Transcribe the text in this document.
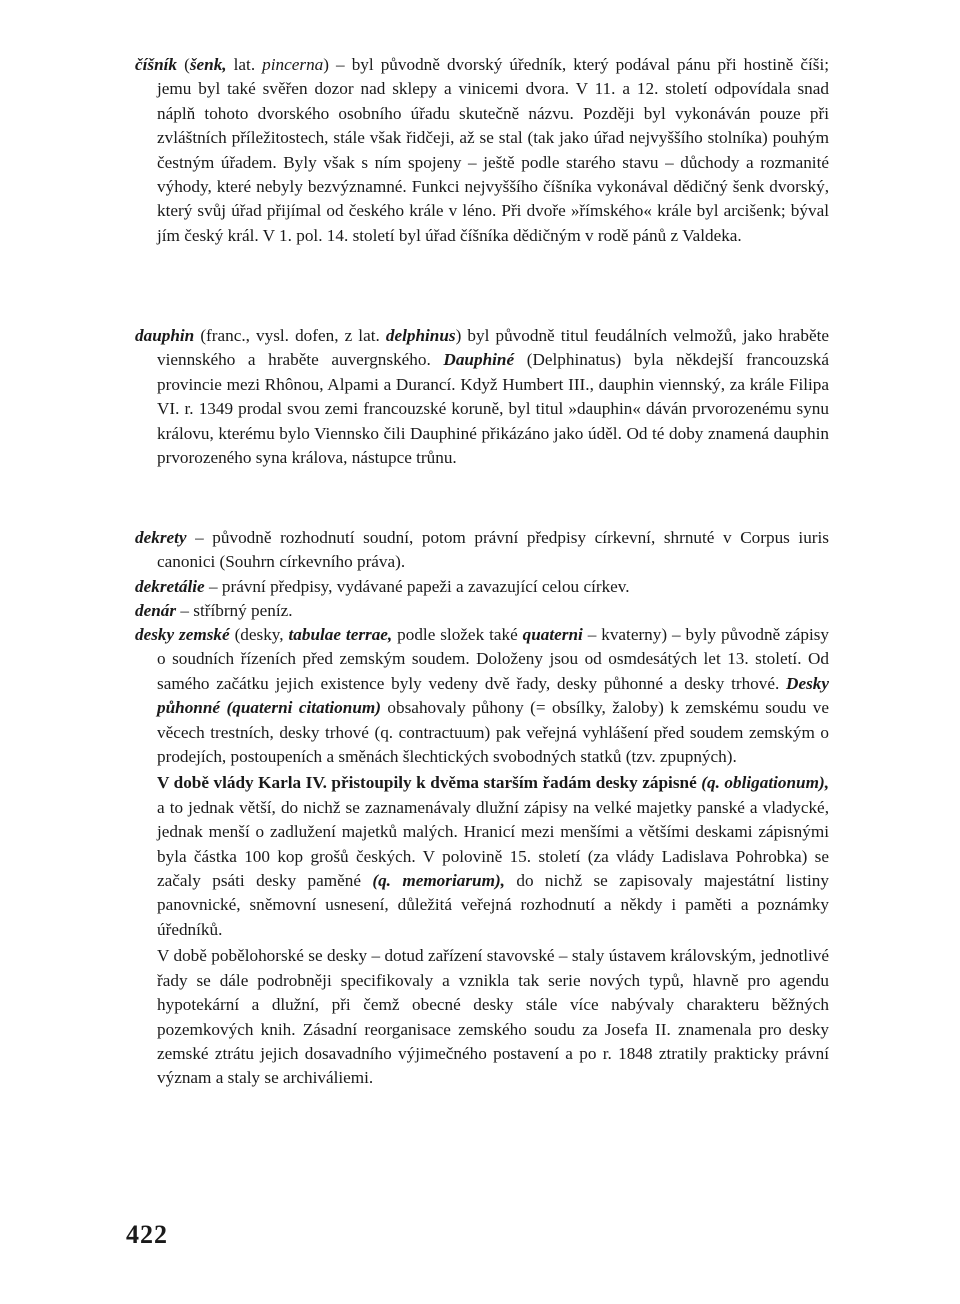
číšník (šenk, lat. pincerna) – byl původně dvorský úředník, který podával pánu při hostině číši; jemu byl také svěřen dozor nad sklepy a vinicemi dvora. V 11. a 12. století odpovídala snad náplň tohoto dvorského osobního úřadu skutečně názvu. Později byl vykonáván pouze při zvláštních příležitostech, stále však řidčeji, až se stal (tak jako úřad nejvyššího stolníka) pouhým čestným úřadem. Byly však s ním spojeny – ještě podle starého stavu – důchody a rozmanité výhody, které nebyly bezvýznamné. Funkci nejvyššího číšníka vykonával dědičný šenk dvorský, který svůj úřad přijímal od českého krále v léno. Při dvoře »římského« krále byl arcišenk; býval jím český král. V 1. pol. 14. století byl úřad číšníka dědičným v rodě pánů z Valdeka.

dauphin (franc., vysl. dofen, z lat. delphinus) byl původně titul feudálních velmožů, jako hraběte viennského a hraběte auvergnského. Dauphiné (Delphinatus) byla někdejší francouzská provincie mezi Rhônou, Alpami a Durancí. Když Humbert III., dauphin viennský, za krále Filipa VI. r. 1349 prodal svou zemi francouzské koruně, byl titul »dauphin« dáván prvorozenému synu královu, kterému bylo Viennsko čili Dauphiné přikázáno jako úděl. Od té doby znamená dauphin prvorozeného syna králova, nástupce trůnu.

dekrety – původně rozhodnutí soudní, potom právní předpisy církevní, shrnuté v Corpus iuris canonici (Souhrn církevního práva).

dekretálie – právní předpisy, vydávané papeži a zavazující celou církev.

denár – stříbrný peníz.

desky zemské (desky, tabulae terrae, podle složek také quaterni – kvaterny) – byly původně zápisy o soudních řízeních před zemským soudem. Doloženy jsou od osmdesátých let 13. století. Od samého začátku jejich existence byly vedeny dvě řady, desky půhonné a desky trhové. Desky půhonné (quaterni citationum) obsahovaly půhony (= obsílky, žaloby) k zemskému soudu ve věcech trestních, desky trhové (q. contractuum) pak veřejná vyhlášení před soudem zemským o prodejích, postoupeních a směnách šlechtických svobodných statků (tzv. zpupných).

V době vlády Karla IV. přistoupily k dvěma starším řadám desky zápisné (q. obligationum), a to jednak větší, do nichž se zaznamenávaly dlužní zápisy na velké majetky panské a vladycké, jednak menší o zadlužení majetků malých. Hranicí mezi menšími a většími deskami zápisnými byla částka 100 kop grošů českých. V polovině 15. století (za vlády Ladislava Pohrobka) se začaly psáti desky paměné (q. memoriarum), do nichž se zapisovaly majestátní listiny panovnické, sněmovní usnesení, důležitá veřejná rozhodnutí a někdy i paměti a poznámky úředníků.

V době pobělohorské se desky – dotud zařízení stavovské – staly ústavem královským, jednotlivé řady se dále podrobněji specifikovaly a vznikla tak serie nových typů, hlavně pro agendu hypotekární a dlužní, při čemž obecné desky stále více nabývaly charakteru běžných pozemkových knih. Zásadní reorganisace zemského soudu za Josefa II. znamenala pro desky zemské ztrátu jejich dosavadního výjimečného postavení a po r. 1848 ztratily prakticky právní význam a staly se archiváliemi.

422
